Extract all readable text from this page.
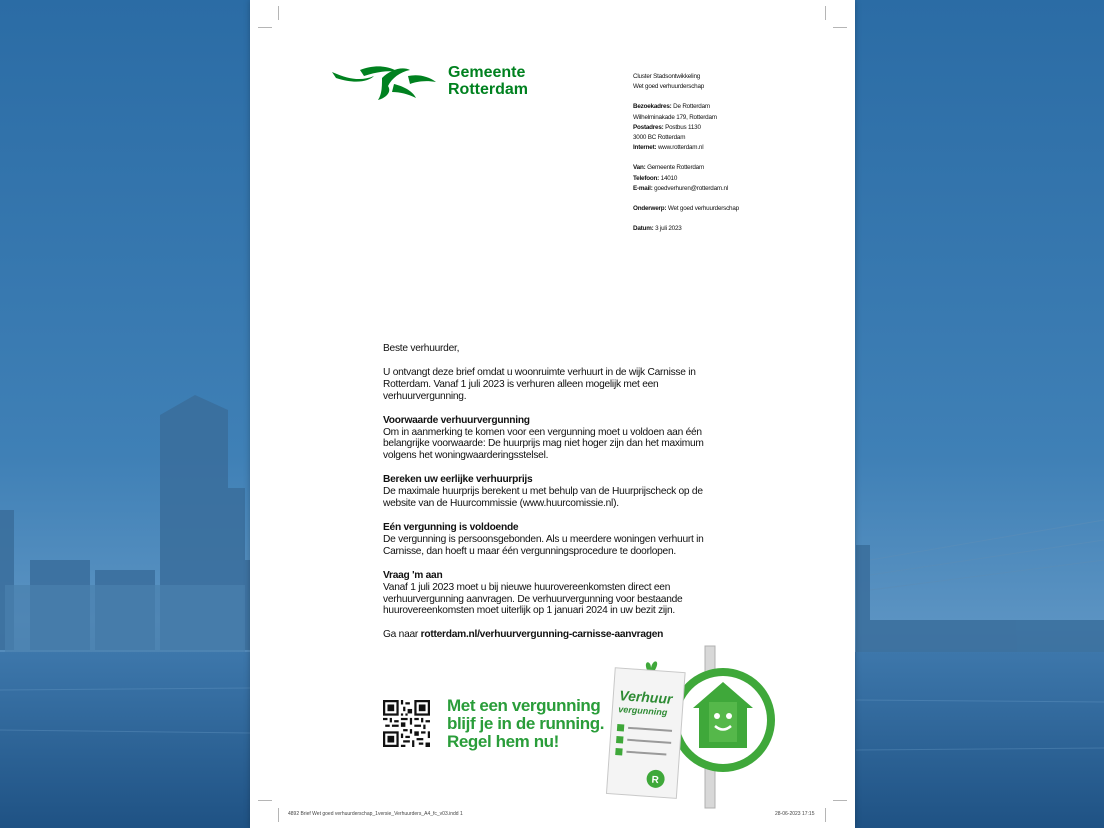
Gemeente
Rotterdam
Cluster Stadsontwikkeling
Wet goed verhuurderschap
Bezoekadres: De Rotterdam
Wilhelminakade 179, Rotterdam
Postadres: Postbus 1130
3000 BC Rotterdam
Internet: www.rotterdam.nl
Van: Gemeente Rotterdam
Telefoon: 14010
E-mail: goedverhuren@rotterdam.nl
Onderwerp: Wet goed verhuurderschap
Datum: 3 juli 2023

Beste verhuurder,

U ontvangt deze brief omdat u woonruimte verhuurt in de wijk Carnisse in Rotterdam. Vanaf 1 juli 2023 is verhuren alleen mogelijk met een verhuurvergunning.

Voorwaarde verhuurvergunning
Om in aanmerking te komen voor een vergunning moet u voldoen aan één belangrijke voorwaarde: De huurprijs mag niet hoger zijn dan het maximum volgens het woningwaarderingsstelsel.

Bereken uw eerlijke verhuurprijs
De maximale huurprijs berekent u met behulp van de Huurprijscheck op de website van de Huurcommissie (www.huurcomissie.nl).

Eén vergunning is voldoende
De vergunning is persoonsgebonden. Als u meerdere woningen verhuurt in Carnisse, dan hoeft u maar één vergunningsprocedure te doorlopen.

Vraag 'm aan
Vanaf 1 juli 2023 moet u bij nieuwe huurovereenkomsten direct een verhuurvergunning aanvragen. De verhuurvergunning voor bestaande huurovereenkomsten moet uiterlijk op 1 januari 2024 in uw bezit zijn.

Ga naar rotterdam.nl/verhuurvergunning-carnisse-aanvragen

Met een vergunning
blijf je in de running.
Regel hem nu!
Verhuur
vergunning
R
4892 Brief Wet goed verhuurderschap_1versie_Verhuurders_A4_fc_v03.indd 1	28-06-2023 17:15
